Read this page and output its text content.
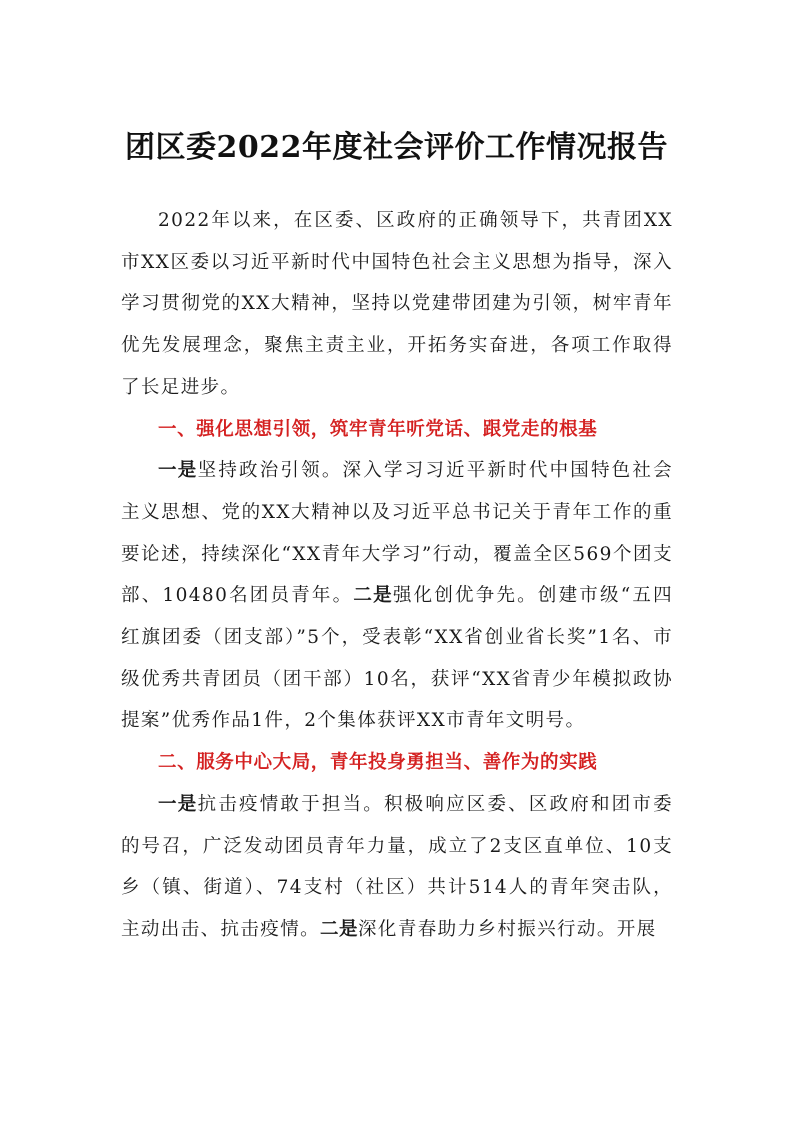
团区委2022年度社会评价工作情况报告

2022年以来，在区委、区政府的正确领导下，共青团XX市XX区委以习近平新时代中国特色社会主义思想为指导，深入学习贯彻党的XX大精神，坚持以党建带团建为引领，树牢青年优先发展理念，聚焦主责主业，开拓务实奋进，各项工作取得了长足进步。

一、强化思想引领，筑牢青年听党话、跟党走的根基

一是坚持政治引领。深入学习习近平新时代中国特色社会主义思想、党的XX大精神以及习近平总书记关于青年工作的重要论述，持续深化“XX青年大学习”行动，覆盖全区569个团支部、10480名团员青年。二是强化创优争先。创建市级“五四红旗团委（团支部）”5个，受表彰“XX省创业省长奖”1名、市级优秀共青团员（团干部）10名，获评“XX省青少年模拟政协提案”优秀作品1件，2个集体获评XX市青年文明号。

二、服务中心大局，青年投身勇担当、善作为的实践

一是抗击疫情敢于担当。积极响应区委、区政府和团市委的号召，广泛发动团员青年力量，成立了2支区直单位、10支乡（镇、街道）、74支村（社区）共计514人的青年突击队，主动出击、抗击疫情。二是深化青春助力乡村振兴行动。开展
